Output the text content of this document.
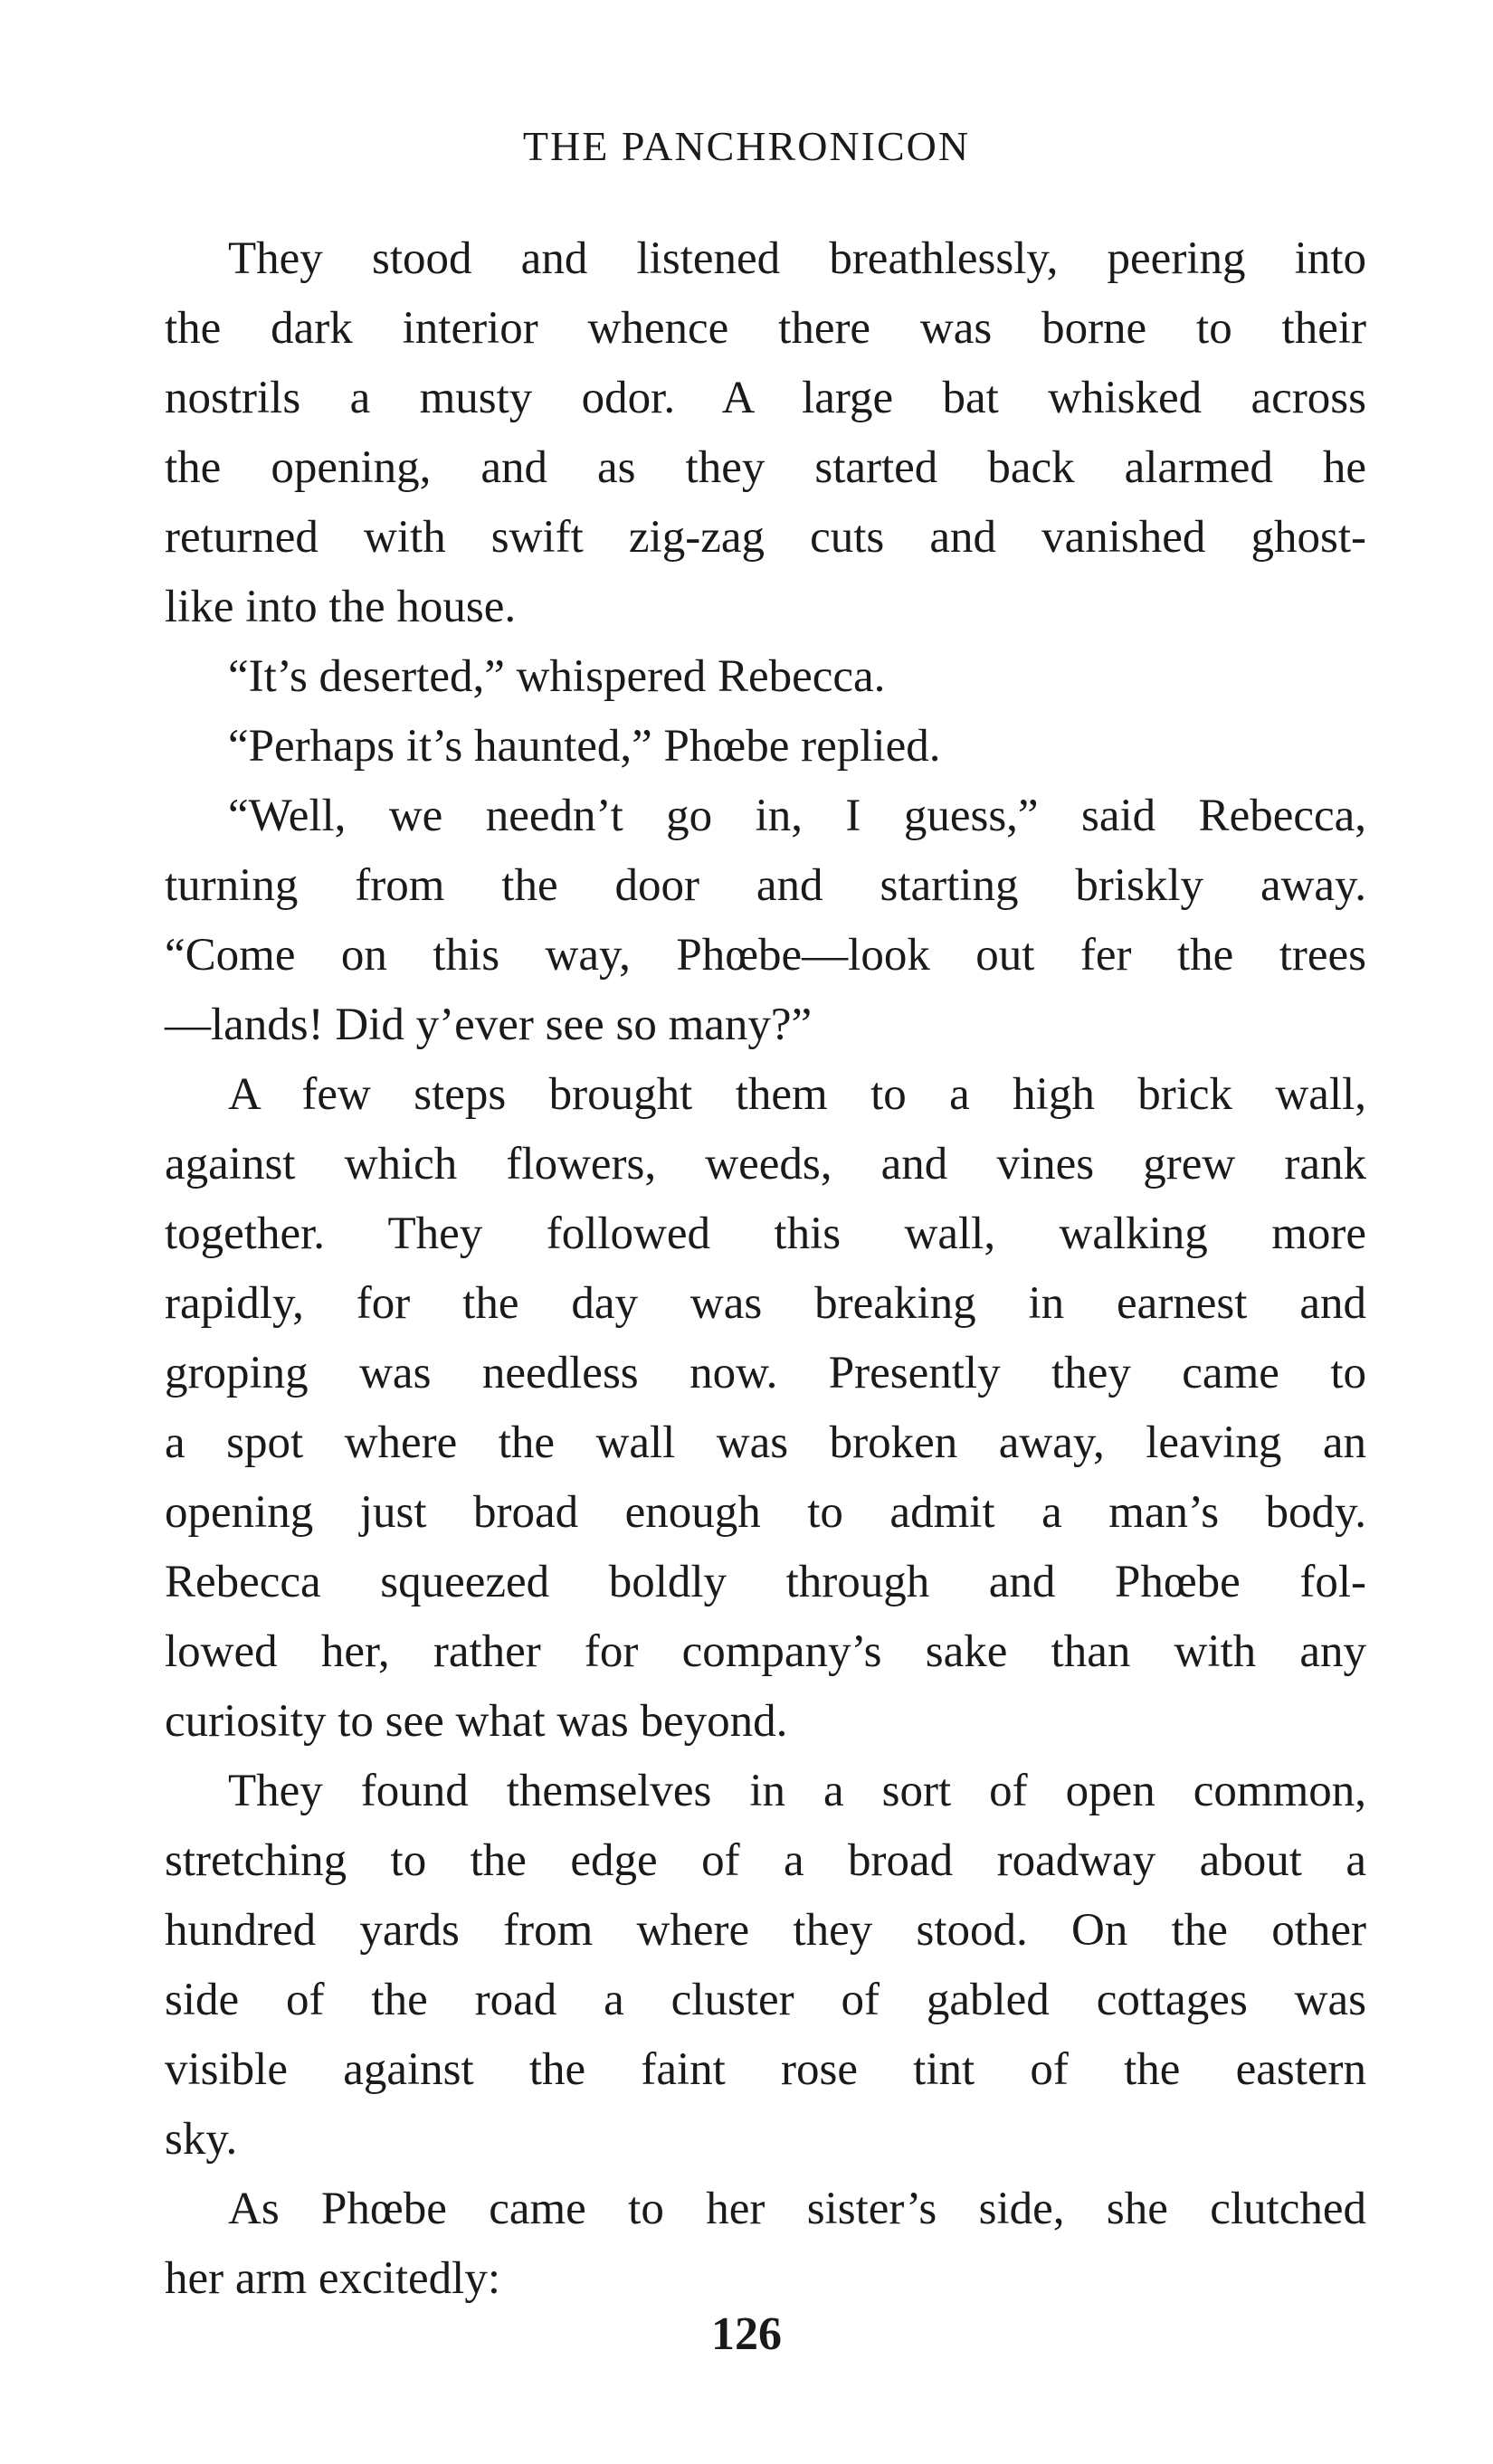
THE PANCHRONICON
They stood and listened breathlessly, peering into
the dark interior whence there was borne to their
nostrils a musty odor. A large bat whisked across
the opening, and as they started back alarmed he
returned with swift zig-zag cuts and vanished ghost-
like into the house.
“It’s deserted,” whispered Rebecca.
“Perhaps it’s haunted,” Phœbe replied.
“Well, we needn’t go in, I guess,” said Rebecca,
turning from the door and starting briskly away.
“Come on this way, Phœbe—look out fer the trees
—lands! Did y’ever see so many?”
A few steps brought them to a high brick wall,
against which flowers, weeds, and vines grew rank
together. They followed this wall, walking more
rapidly, for the day was breaking in earnest and
groping was needless now. Presently they came to
a spot where the wall was broken away, leaving an
opening just broad enough to admit a man’s body.
Rebecca squeezed boldly through and Phœbe fol-
lowed her, rather for company’s sake than with any
curiosity to see what was beyond.
They found themselves in a sort of open common,
stretching to the edge of a broad roadway about a
hundred yards from where they stood. On the other
side of the road a cluster of gabled cottages was
visible against the faint rose tint of the eastern
sky.
As Phœbe came to her sister’s side, she clutched
her arm excitedly:
126
